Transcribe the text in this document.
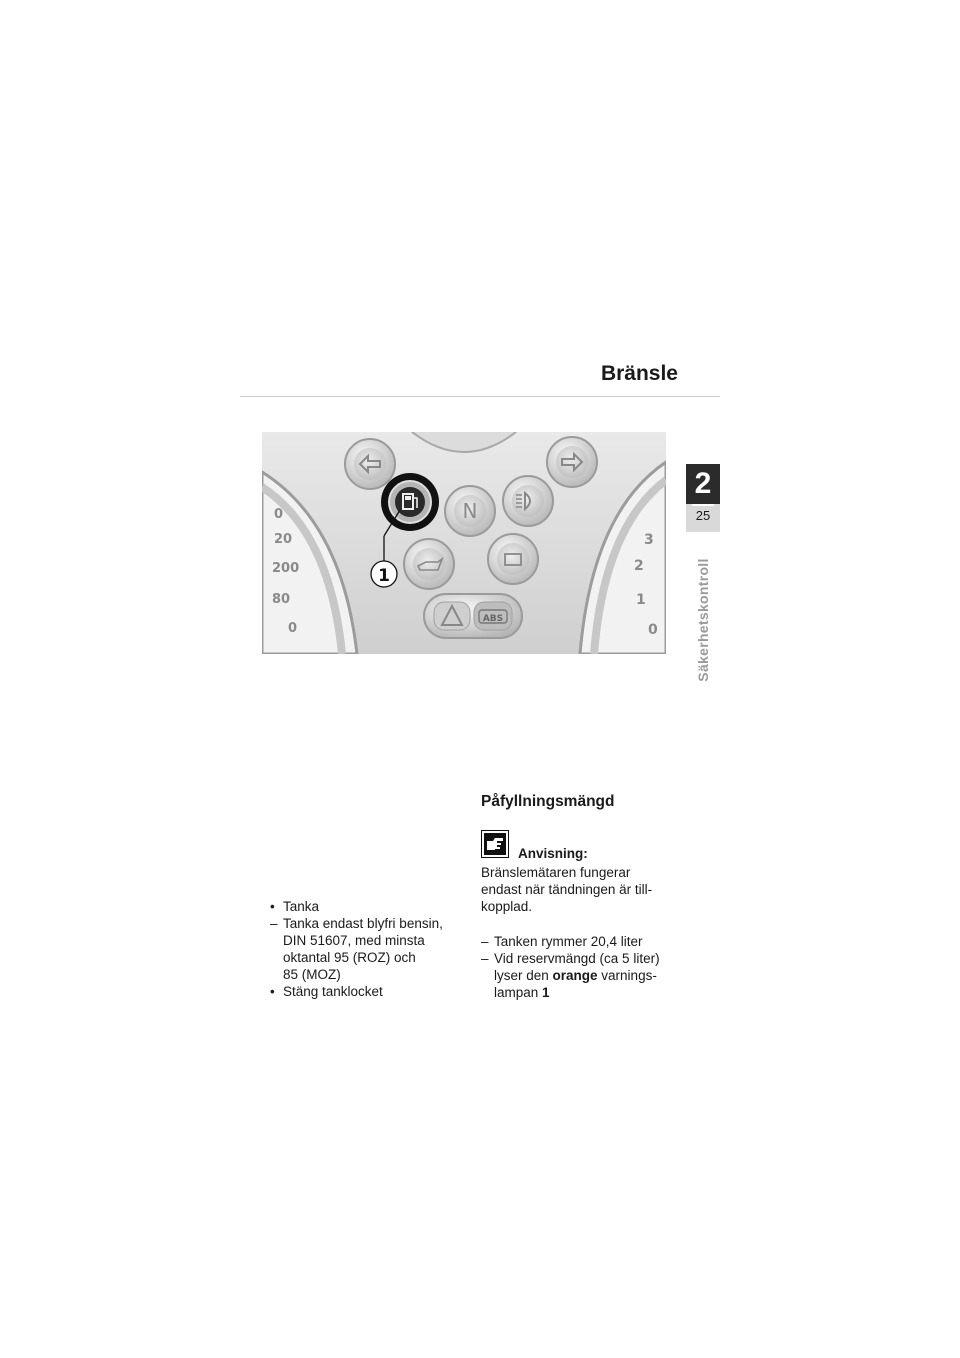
Bränsle
0
20
200
80
0
3
2
1
0
N
ABS
1
2
25
Säkerhetskontroll
• Tanka
– Tanka endast blyfri bensin,
DIN 51607, med minsta
oktantal 95 (ROZ) och
85 (MOZ)
• Stäng tanklocket
Påfyllningsmängd
Anvisning:
Bränslemätaren fungerar
endast när tändningen är till-
kopplad.
– Tanken rymmer 20,4 liter
– Vid reservmängd (ca 5 liter)
lyser den orange varnings-
lampan 1
